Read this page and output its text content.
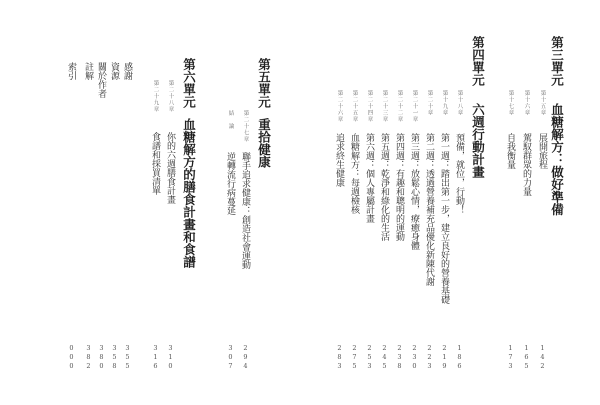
第三單元
血糖解方：做好準備
第十五章
展開旅程
142
第十六章
駕馭群眾的力量
165
第十七章
自我衡量
173
第四單元
六週行動計畫
第十八章
預備，就位，行動！
186
第十九章
第一週：踏出第一步，建立良好的營養基礎
219
第二十章
第二週：透過營養補充品優化新陳代謝
223
第二十一章
第三週：放鬆心情，療癒身體
230
第二十二章
第四週：有趣和聰明的運動
238
第二十三章
第五週：乾淨和綠化的生活
245
第二十四章
第六週：個人專屬計畫
253
第二十五章
血糖解方：每週檢核
275
第二十六章
追求終生健康
283
第五單元
重拾健康
第二十七章
聯手追求健康：創造社會運動
294
結　論
逆轉流行病蔓延
307
第六單元
血糖解方的膳食計畫和食譜
第二十八章
你的六週膳食計畫
310
第二十九章
食譜和採買清單
316
感謝
355
資源
358
關於作者
380
註解
382
索引
000
